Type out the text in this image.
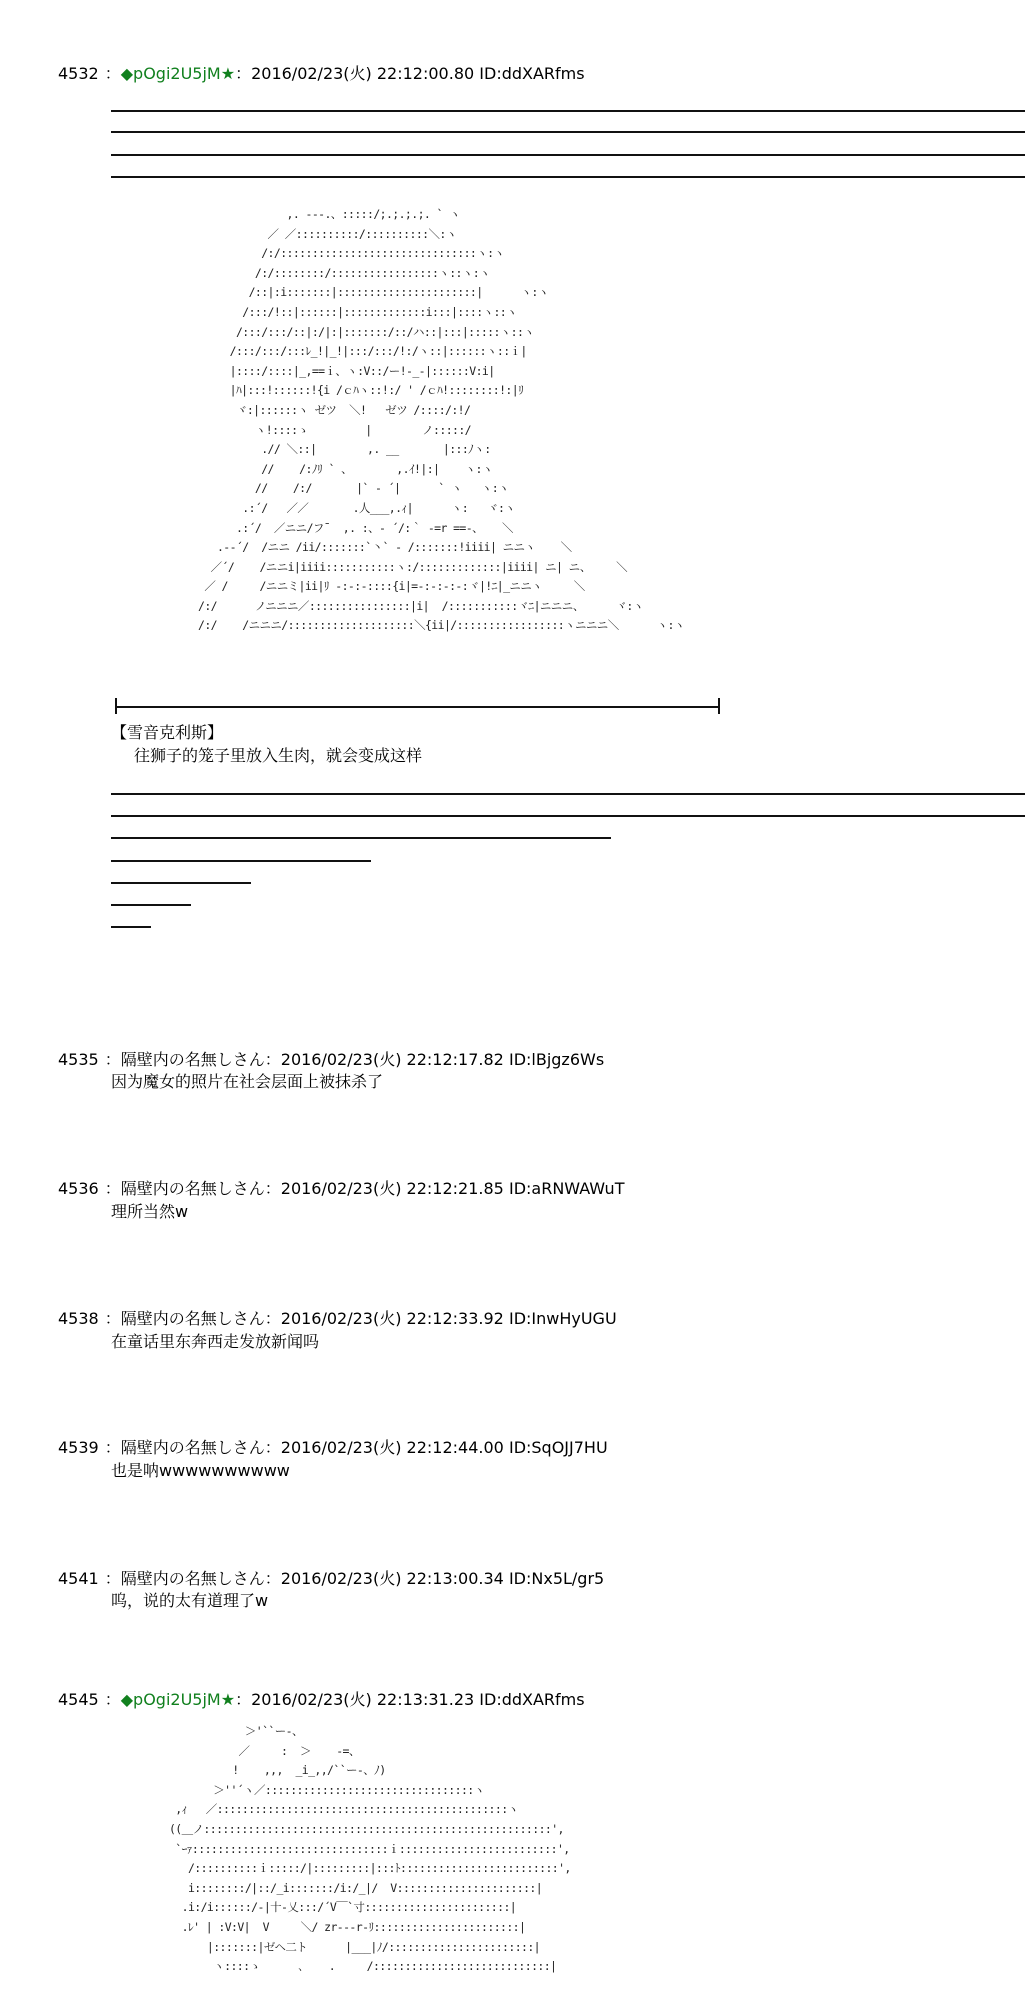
4532 ：◆pOgi2U5jM★：2016/02/23(火) 22:12:00.80 ID:ddXARfms
,. -‐-.、:::::/;.;.;.;. ` ヽ
／ ／::::::::::/::::::::::＼:ヽ
/:/:::::::::::::::::::::::::::::::ヽ:ヽ
/:/::::::::/:::::::::::::::::ヽ::ヽ:ヽ
/::|:i:::::::|::::::::::::::::::::::|      ヽ:ヽ
/:::/!::|::::::|:::::::::::::i:::|::::ヽ::ヽ
/:::/:::/::|:/|:|:::::::/::/ハ::|:::|:::::ヽ::ヽ
/:::/:::/:::ﾚ_!|_!|:::/:::/!:/ヽ::|::::::ヽ::ｉ|
|::::/::::|_,==ｉ、ヽ:V::/ー!-_-|::::::V:i|
|ﾊ|:::!::::::!{i /ｃﾊヽ::!:/ ' /ｃﾊ!::::::::!:|ﾘ
ヾ:|::::::ヽ ゼツ  ＼!   ゼツ /::::/:!/
ヽ!::::ゝ         |        ノ:::::/
.// ＼::|        ,. __       |:::ﾉヽ:
//    /:ﾉﾘ ` 、       ,.ｲ!|:|    ヽ:ヽ
//    /:/       |` ‐ ´|      ` ヽ   ヽ:ヽ
.:´/   ／／       .人___,.ｨ|      ヽ:   ヾ:ヽ
.:´/  ／ニニ/フ¯  ,. :、‐ ´/:｀ ‐=r ==-、   ＼
.-‐´/  /ニニ /ii/:::::::`丶` ‐ /:::::::!iiii| ニニヽ    ＼
／´/    /ニニi|iiii:::::::::::ヽ:/:::::::::::::|iiii| ニ| ニ、    ＼
／ /     /ニニミ|ii|ﾘ -:-:-::::{i|=-:-:-:-:ヾ|!ﾆ|_ニニヽ     ＼
/:/      ノニニニ／::::::::::::::::|i|  /:::::::::::ヾﾆ|ニニニ、     ヾ:ヽ
/:/    /ニニニ/::::::::::::::::::::＼{ii|/:::::::::::::::::ヽニニニ＼      ヽ:ヽ
【雪音克利斯】
往狮子的笼子里放入生肉，就会变成这样
4535 ：隔壁内の名無しさん：2016/02/23(火) 22:12:17.82 ID:lBjgz6Ws
因为魔女的照片在社会层面上被抹杀了
4536 ：隔壁内の名無しさん：2016/02/23(火) 22:12:21.85 ID:aRNWAWuT
理所当然w
4538 ：隔壁内の名無しさん：2016/02/23(火) 22:12:33.92 ID:InwHyUGU
在童话里东奔西走发放新闻吗
4539 ：隔壁内の名無しさん：2016/02/23(火) 22:12:44.00 ID:SqOJJ7HU
也是呐wwwwwwwwww
4541 ：隔壁内の名無しさん：2016/02/23(火) 22:13:00.34 ID:Nx5L/gr5
呜，说的太有道理了w
4545 ：◆pOgi2U5jM★：2016/02/23(火) 22:13:31.23 ID:ddXARfms
＞'``ー-、
／     :  ＞    -=、
!    ,,,  _i_,,/``ー-、ﾉ)
＞''´ヽ／:::::::::::::::::::::::::::::::::ヽ
,ｨ   ／::::::::::::::::::::::::::::::::::::::::::::::ヽ
((＿ノ:::::::::::::::::::::::::::::::::::::::::::::::::::::::',
`ｰｧ:::::::::::::::::::::::::::::::ｉ:::::::::::::::::::::::::',
/::::::::::ｉ:::::/|:::::::::|:::ﾄ:::::::::::::::::::::::::',
i::::::::/|::/_i:::::::/i:/_|/  V::::::::::::::::::::::|
.i:/i::::::/-|十-乂:::/´V￣`寸:::::::::::::::::::::::|
.ﾚ' | :V:V|  V     ＼/ zr---r-ﾘ:::::::::::::::::::::::|
|:::::::|ゼヘ二ト      |___|ﾉ/:::::::::::::::::::::::|
ヽ::::ゝ      ､    .     /::::::::::::::::::::::::::::|
